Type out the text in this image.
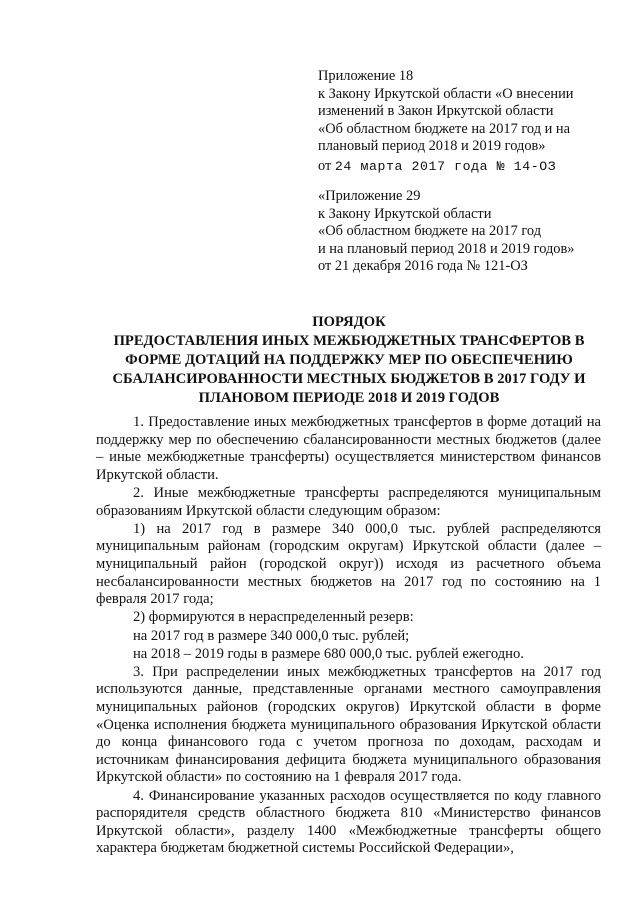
Приложение 18
к Закону Иркутской области «О внесении
изменений в Закон Иркутской области
«Об областном бюджете на 2017 год и на
плановый период 2018 и 2019 годов»
от 24 марта 2017 года № 14-ОЗ
«Приложение 29
к Закону Иркутской области
«Об областном бюджете на 2017 год
и на плановый период 2018 и 2019 годов»
от 21 декабря 2016 года № 121-ОЗ
ПОРЯДОК
ПРЕДОСТАВЛЕНИЯ ИНЫХ МЕЖБЮДЖЕТНЫХ ТРАНСФЕРТОВ В
ФОРМЕ ДОТАЦИЙ НА ПОДДЕРЖКУ МЕР ПО ОБЕСПЕЧЕНИЮ
СБАЛАНСИРОВАННОСТИ МЕСТНЫХ БЮДЖЕТОВ В 2017 ГОДУ И
ПЛАНОВОМ ПЕРИОДЕ 2018 И 2019 ГОДОВ
1. Предоставление иных межбюджетных трансфертов в форме дотаций на поддержку мер по обеспечению сбалансированности местных бюджетов (далее – иные межбюджетные трансферты) осуществляется министерством финансов Иркутской области.
2. Иные межбюджетные трансферты распределяются муниципальным образованиям Иркутской области следующим образом:
1) на 2017 год в размере 340 000,0 тыс. рублей распределяются муниципальным районам (городским округам) Иркутской области (далее – муниципальный район (городской округ)) исходя из расчетного объема несбалансированности местных бюджетов на 2017 год по состоянию на 1 февраля 2017 года;
2) формируются в нераспределенный резерв:
на 2017 год в размере 340 000,0 тыс. рублей;
на 2018 – 2019 годы в размере 680 000,0 тыс. рублей ежегодно.
3. При распределении иных межбюджетных трансфертов на 2017 год используются данные, представленные органами местного самоуправления муниципальных районов (городских округов) Иркутской области в форме «Оценка исполнения бюджета муниципального образования Иркутской области до конца финансового года с учетом прогноза по доходам, расходам и источникам финансирования дефицита бюджета муниципального образования Иркутской области» по состоянию на 1 февраля 2017 года.
4. Финансирование указанных расходов осуществляется по коду главного распорядителя средств областного бюджета 810 «Министерство финансов Иркутской области», разделу 1400 «Межбюджетные трансферты общего характера бюджетам бюджетной системы Российской Федерации»,
